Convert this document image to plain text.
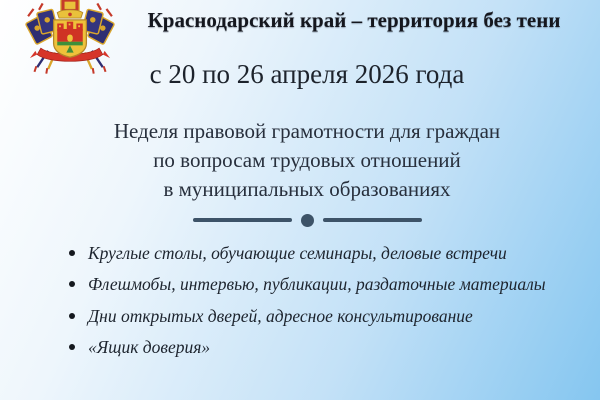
Краснодарский край – территория без тени
с 20 по 26 апреля 2026 года
Неделя правовой грамотности для граждан
по вопросам трудовых отношений
в муниципальных образованиях
Круглые столы, обучающие семинары, деловые встречи
Флешмобы, интервью, публикации, раздаточные материалы
Дни открытых дверей, адресное консультирование
«Ящик доверия»
